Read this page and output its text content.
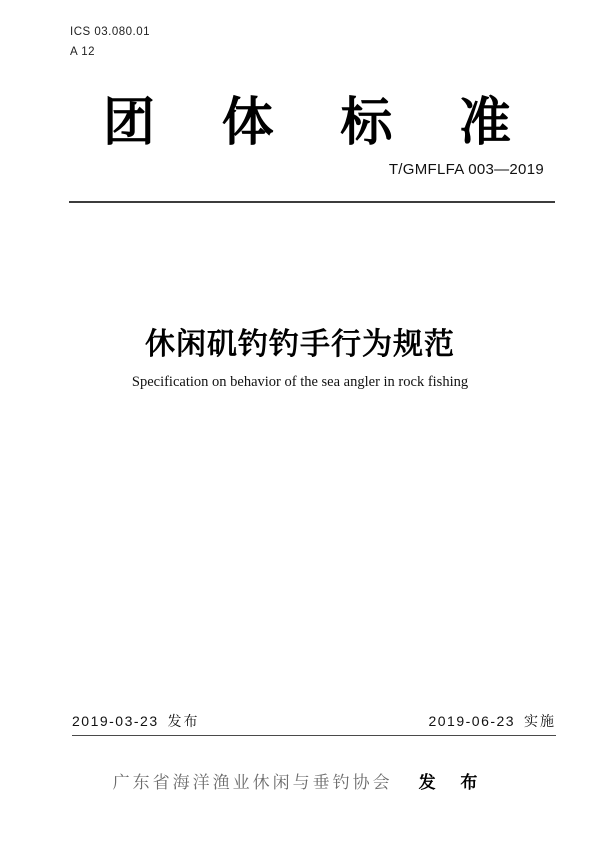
ICS 03.080.01
A 12
团 体 标 准
T/GMFLFA 003—2019
休闲矶钓钓手行为规范
Specification on behavior of the sea angler in rock fishing
2019-03-23 发布	2019-06-23 实施
广东省海洋渔业休闲与垂钓协会 发 布
